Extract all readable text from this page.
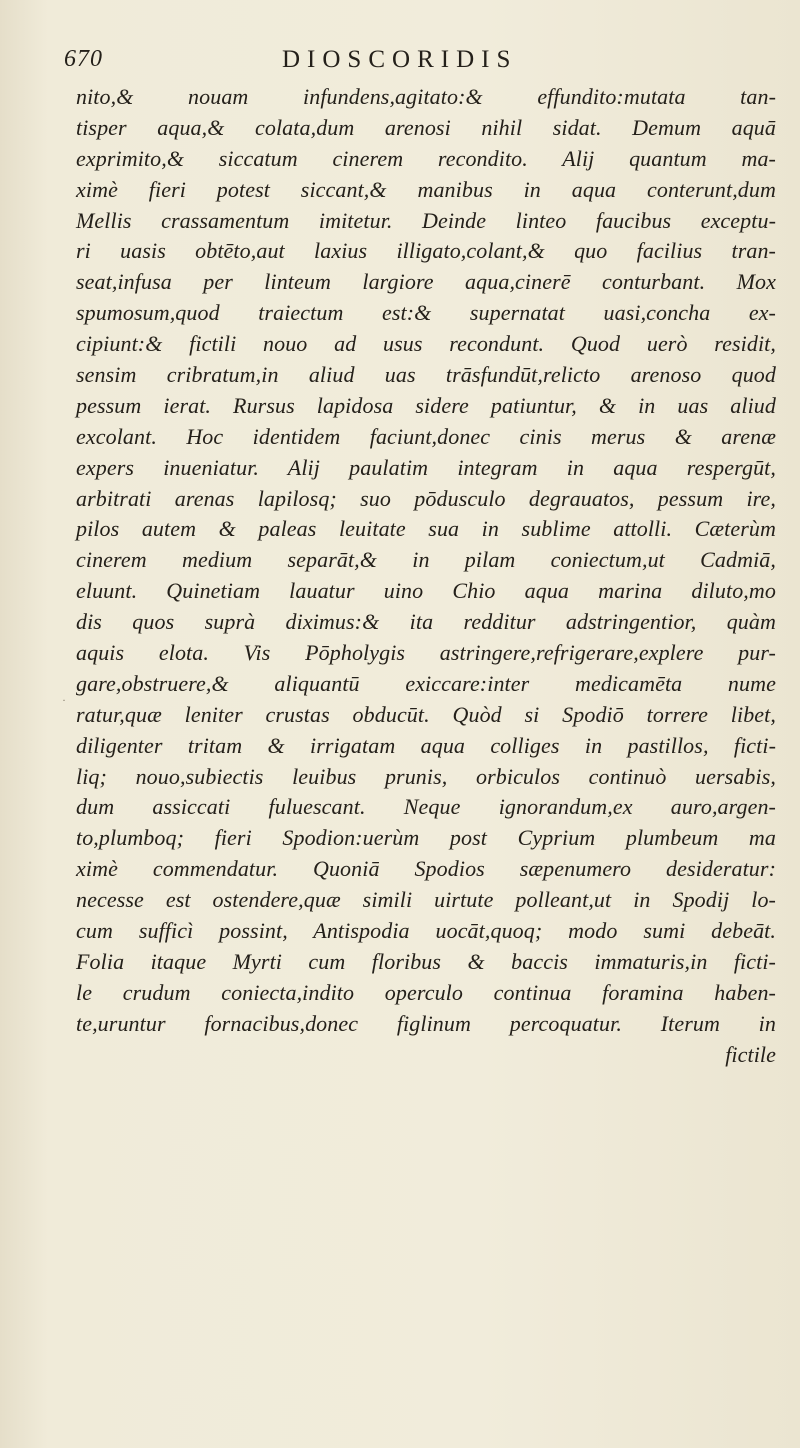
670	DIOSCORIDIS
·
nito,& nouam infundens,agitato:& effundito:mutata tan-
tisper aqua,& colata,dum arenosi nihil sidat. Demum aquā
exprimito,& siccatum cinerem recondito. Alij quantum ma-
ximè fieri potest siccant,& manibus in aqua conterunt,dum
Mellis crassamentum imitetur. Deinde linteo faucibus exceptu-
ri uasis obtēto,aut laxius illigato,colant,& quo facilius tran-
seat,infusa per linteum largiore aqua,cinerē conturbant. Mox
spumosum,quod traiectum est:& supernatat uasi,concha ex-
cipiunt:& fictili nouo ad usus recondunt. Quod uerò residit,
sensim cribratum,in aliud uas trāsfundūt,relicto arenoso quod
pessum ierat. Rursus lapidosa sidere patiuntur, & in uas aliud
excolant. Hoc identidem faciunt,donec cinis merus & arenæ
expers inueniatur. Alij paulatim integram in aqua respergūt,
arbitrati arenas lapilosq; suo pōdusculo degrauatos, pessum ire,
pilos autem & paleas leuitate sua in sublime attolli. Cæterùm
cinerem medium separāt,& in pilam coniectum,ut Cadmiā,
eluunt. Quinetiam lauatur uino Chio aqua marina diluto,mo
dis quos suprà diximus:& ita redditur adstringentior, quàm
aquis elota. Vis Pōpholygis astringere,refrigerare,explere pur-
gare,obstruere,& aliquantū exiccare:inter medicamēta nume
ratur,quæ leniter crustas obducūt. Quòd si Spodiō torrere libet,
diligenter tritam & irrigatam aqua colliges in pastillos, ficti-
liq; nouo,subiectis leuibus prunis, orbiculos continuò uersabis,
dum assiccati fuluescant. Neque ignorandum,ex auro,argen-
to,plumboq; fieri Spodion:uerùm post Cyprium plumbeum ma
ximè commendatur. Quoniā Spodios sæpenumero desideratur:
necesse est ostendere,quæ simili uirtute polleant,ut in Spodij lo-
cum sufficì possint, Antispodia uocāt,quoq; modo sumi debeāt.
Folia itaque Myrti cum floribus & baccis immaturis,in ficti-
le crudum coniecta,indito operculo continua foramina haben-
te,uruntur fornacibus,donec figlinum percoquatur. Iterum in
fictile
